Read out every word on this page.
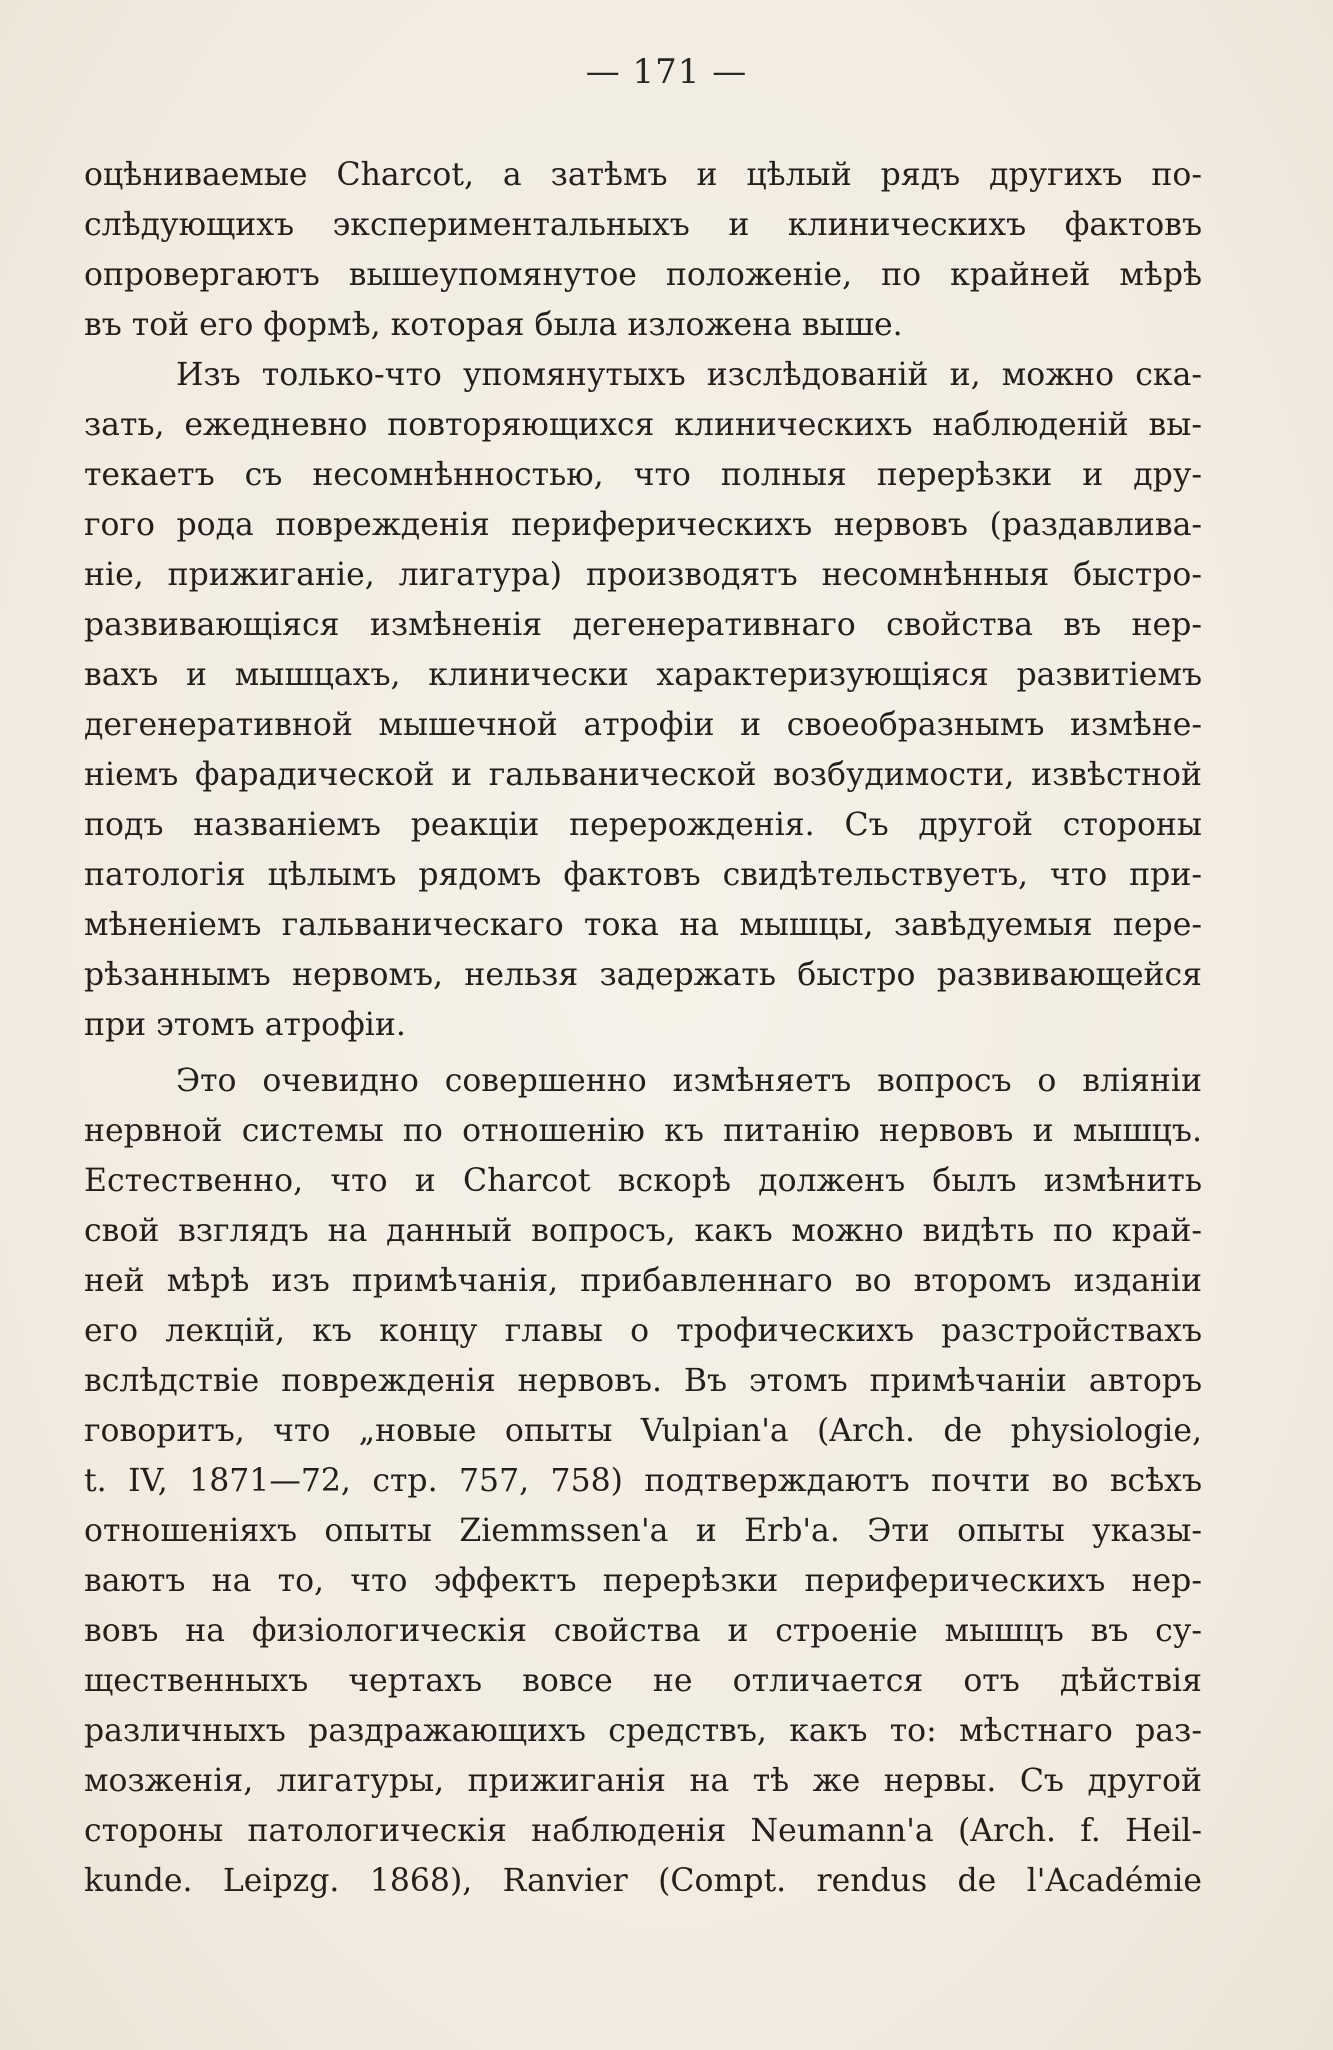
— 171 —
оцѣниваемые Charcot, а затѣмъ и цѣлый рядъ другихъ по-
слѣдующихъ экспериментальныхъ и клиническихъ фактовъ
опровергаютъ вышеупомянутое положеніе, по крайней мѣрѣ
въ той его формѣ, которая была изложена выше.
Изъ только-что упомянутыхъ изслѣдованій и, можно ска-
зать, ежедневно повторяющихся клиническихъ наблюденій вы-
текаетъ съ несомнѣнностью, что полныя перерѣзки и дру-
гого рода поврежденія периферическихъ нервовъ (раздавлива-
ніе, прижиганіе, лигатура) производятъ несомнѣнныя быстро-
развивающіяся измѣненія дегенеративнаго свойства въ нер-
вахъ и мышцахъ, клинически характеризующіяся развитіемъ
дегенеративной мышечной атрофіи и своеобразнымъ измѣне-
ніемъ фарадической и гальванической возбудимости, извѣстной
подъ названіемъ реакціи перерожденія. Съ другой стороны
патологія цѣлымъ рядомъ фактовъ свидѣтельствуетъ, что при-
мѣненіемъ гальваническаго тока на мышцы, завѣдуемыя пере-
рѣзаннымъ нервомъ, нельзя задержать быстро развивающейся
при этомъ атрофіи.
Это очевидно совершенно измѣняетъ вопросъ о вліяніи
нервной системы по отношенію къ питанію нервовъ и мышцъ.
Естественно, что и Charcot вскорѣ долженъ былъ измѣнить
свой взглядъ на данный вопросъ, какъ можно видѣть по край-
ней мѣрѣ изъ примѣчанія, прибавленнаго во второмъ изданіи
его лекцій, къ концу главы о трофическихъ разстройствахъ
вслѣдствіе поврежденія нервовъ. Въ этомъ примѣчаніи авторъ
говоритъ, что „новые опыты Vulpian'а (Arch. de physiologie,
t. IV, 1871—72, стр. 757, 758) подтверждаютъ почти во всѣхъ
отношеніяхъ опыты Ziemmssen'а и Erb'а. Эти опыты указы-
ваютъ на то, что эффектъ перерѣзки периферическихъ нер-
вовъ на физіологическія свойства и строеніе мышцъ въ су-
щественныхъ чертахъ вовсе не отличается отъ дѣйствія
различныхъ раздражающихъ средствъ, какъ то: мѣстнаго раз-
мозженія, лигатуры, прижиганія на тѣ же нервы. Съ другой
стороны патологическія наблюденія Neumann'а (Arch. f. Heil-
kunde. Leipzg. 1868), Ranvier (Compt. rendus de l'Académie
